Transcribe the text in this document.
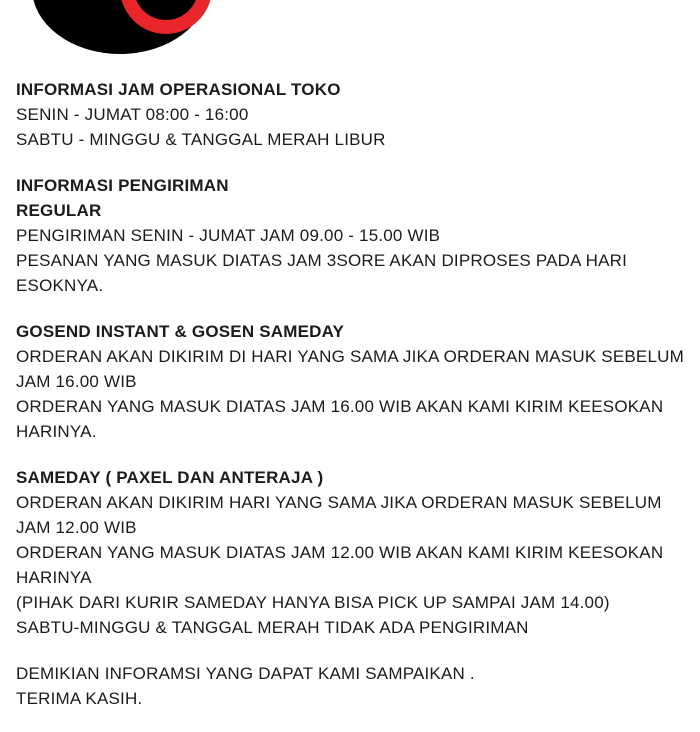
INFORMASI JAM OPERASIONAL TOKO
SENIN - JUMAT 08:00 - 16:00
SABTU - MINGGU & TANGGAL MERAH LIBUR
INFORMASI PENGIRIMAN
REGULAR
PENGIRIMAN SENIN - JUMAT JAM 09.00 - 15.00 WIB
PESANAN YANG MASUK DIATAS JAM 3SORE AKAN DIPROSES PADA HARI ESOKNYA.
GOSEND INSTANT & GOSEN SAMEDAY
ORDERAN AKAN DIKIRIM DI HARI YANG SAMA JIKA ORDERAN MASUK SEBELUM JAM 16.00 WIB
ORDERAN YANG MASUK DIATAS JAM 16.00 WIB AKAN KAMI KIRIM KEESOKAN HARINYA.
SAMEDAY ( PAXEL DAN ANTERAJA )
ORDERAN AKAN DIKIRIM HARI YANG SAMA JIKA ORDERAN MASUK SEBELUM JAM 12.00 WIB
ORDERAN YANG MASUK DIATAS JAM 12.00 WIB AKAN KAMI KIRIM KEESOKAN HARINYA
(PIHAK DARI KURIR SAMEDAY HANYA BISA PICK UP SAMPAI JAM 14.00)
SABTU-MINGGU & TANGGAL MERAH TIDAK ADA PENGIRIMAN
DEMIKIAN INFORAMSI YANG DAPAT KAMI SAMPAIKAN .
TERIMA KASIH.
